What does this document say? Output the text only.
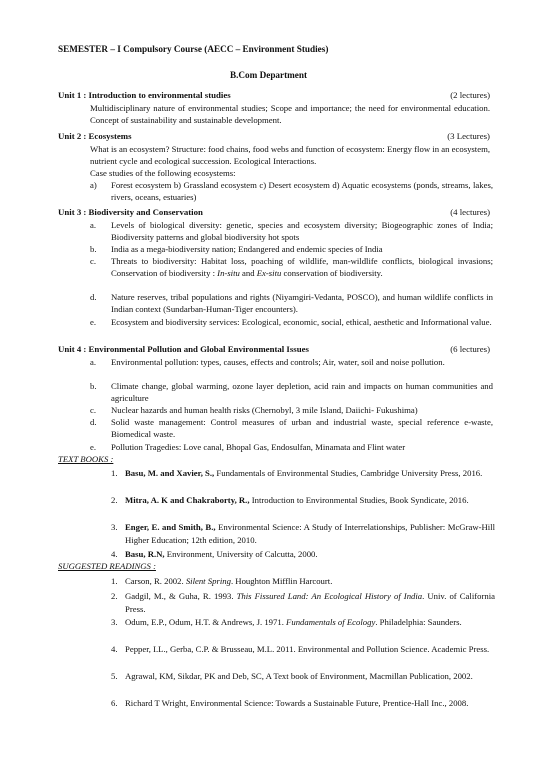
SEMESTER – I Compulsory Course (AECC – Environment Studies)
B.Com Department
Unit 1 : Introduction to environmental studies	(2 lectures)
Multidisciplinary nature of environmental studies; Scope and importance; the need for environmental education. Concept of sustainability and sustainable development.
Unit 2 : Ecosystems	(3 Lectures)
What is an ecosystem? Structure: food chains, food webs and function of ecosystem: Energy flow in an ecosystem, nutrient cycle and ecological succession. Ecological Interactions.
Case studies of the following ecosystems:
a) Forest ecosystem b) Grassland ecosystem c) Desert ecosystem d) Aquatic ecosystems (ponds, streams, lakes, rivers, oceans, estuaries)
Unit 3 : Biodiversity and Conservation	(4 lectures)
a. Levels of biological diversity: genetic, species and ecosystem diversity; Biogeographic zones of India; Biodiversity patterns and global biodiversity hot spots
b. India as a mega-biodiversity nation; Endangered and endemic species of India
c. Threats to biodiversity: Habitat loss, poaching of wildlife, man-wildlife conflicts, biological invasions; Conservation of biodiversity : In-situ and Ex-situ conservation of biodiversity.
d. Nature reserves, tribal populations and rights (Niyamgiri-Vedanta, POSCO), and human wildlife conflicts in Indian context (Sundarban-Human-Tiger encounters).
e. Ecosystem and biodiversity services: Ecological, economic, social, ethical, aesthetic and Informational value.
Unit 4 : Environmental Pollution and Global Environmental Issues	(6 lectures)
a. Environmental pollution: types, causes, effects and controls; Air, water, soil and noise pollution.
b. Climate change, global warming, ozone layer depletion, acid rain and impacts on human communities and agriculture
c. Nuclear hazards and human health risks (Chernobyl, 3 mile Island, Daiichi- Fukushima)
d. Solid waste management: Control measures of urban and industrial waste, special reference e-waste, Biomedical waste.
e. Pollution Tragedies: Love canal, Bhopal Gas, Endosulfan, Minamata and Flint water
TEXT BOOKS :
1. Basu, M. and Xavier, S., Fundamentals of Environmental Studies, Cambridge University Press, 2016.
2. Mitra, A. K and Chakraborty, R., Introduction to Environmental Studies, Book Syndicate, 2016.
3. Enger, E. and Smith, B., Environmental Science: A Study of Interrelationships, Publisher: McGraw-Hill Higher Education; 12th edition, 2010.
4. Basu, R.N, Environment, University of Calcutta, 2000.
SUGGESTED READINGS :
1. Carson, R. 2002. Silent Spring. Houghton Mifflin Harcourt.
2. Gadgil, M., & Guha, R. 1993. This Fissured Land: An Ecological History of India. Univ. of California Press.
3. Odum, E.P., Odum, H.T. & Andrews, J. 1971. Fundamentals of Ecology. Philadelphia: Saunders.
4. Pepper, I.L., Gerba, C.P. & Brusseau, M.L. 2011. Environmental and Pollution Science. Academic Press.
5. Agrawal, KM, Sikdar, PK and Deb, SC, A Text book of Environment, Macmillan Publication, 2002.
6. Richard T Wright, Environmental Science: Towards a Sustainable Future, Prentice-Hall Inc., 2008.
